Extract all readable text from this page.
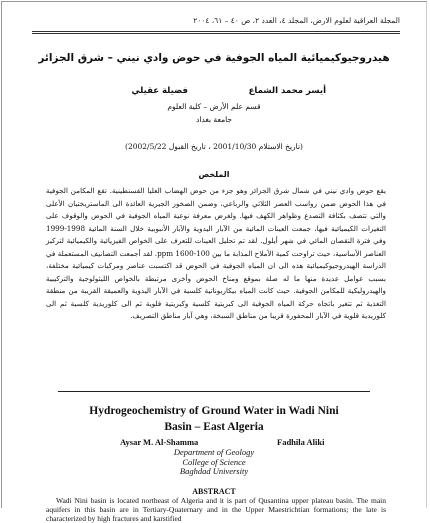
المجلة العراقية لعلوم الارض، المجلد ٤، العدد ٢، ص ٤٠ – ٦١، ٢٠٠٤
هيدروجيوكيميائية المياه الجوفية في حوض وادي نيني – شرق الجزائر
أيسر محمد الشماع
فضيلة عقيلي
قسم علم الأرض – كلية العلوم
جامعة بغداد
(تاريخ الاستلام 2001/10/30 ، تاريخ القبول 2002/5/22)
الملخص
يقع حوض وادي نيني في شمال شرق الجزائر وهو جزء من حوض الهضاب العليا القسنطينية. تقع المكامن الجوفية في هذا الحوض ضمن رواسب العصر الثلاثي والرباعي، وضمن الصخور الجيرية العائدة الى الماستريختيان الأعلى والتي تتصف بكثافة التصدع وظواهر الكهف فيها. ولغرض معرفة نوعية المياه الجوفية في الحوض والوقوف على التغيرات الكيميائية فيها، جمعت العينات المائية من الآبار اليدوية والآبار الأنبوبية خلال السنة المائية 1998-1999 وفي فترة النقصان المائي في شهر أيلول. لقد تم تحليل العينات للتعرف على الخواص الفيزيائية والكيميائية لتركيز العناصر الأساسية، حيث تراوحت كمية الأملاح المذابة ما بين 100-1600 ppm. لقد أجمعت التصانيف المستعملة في الدراسة الهيدروجيوكيميائية هذه الى ان المياه الجوفية في الحوض قد اكتسبت عناصر ومركبات كيميائية مختلفة، بسبب عوامل عديدة منها ما له صلة بموقع ومناخ الحوض وأخرى مرتبطة بالخواص الليثولوجية والتركيبية والهيدروليكية للمكامن الجوفية. حيث كانت المياه بيكاربوناتية كلسية في الآبار اليدوية والعميقة القريبة من منطقة التغذية ثم تتغير باتجاه حركة المياه الجوفية الى كبريتية كلسية وكبريتية قلوية ثم الى كلوريدية كلسية ثم الى كلوريدية قلوية في الآبار المحفورة قريبا من مناطق السبخة، وهي آبار مناطق التصريف.
Hydrogeochemistry of Ground Water in Wadi Nini
Basin – East Algeria
Aysar M. Al-Shamma	Fadhila Aliki
Department of Geology
College of Science
Baghdad University
ABSTRACT
Wadi Nini basin is located northeast of Algeria and it is part of Qusantina upper plateau basin. The main aquifers in this basin are in Tertiary-Quaternary and in the Upper Maestrichtian formations; the late is characterized by high fractures and karstified
